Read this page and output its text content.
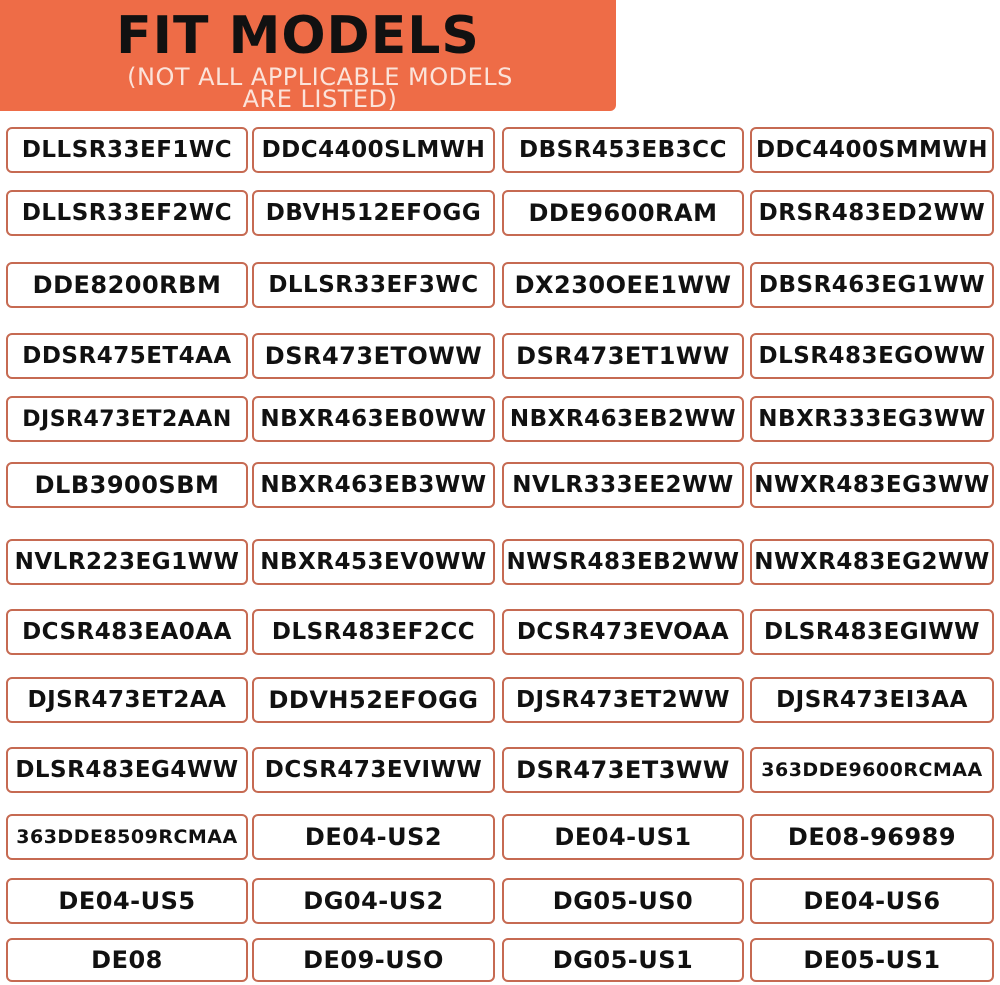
FIT MODELS
(NOT ALL APPLICABLE MODELS ARE LISTED)
DLLSR33EF1WC DDC4400SLMWH DBSR453EB3CC DDC4400SMMWH
DLLSR33EF2WC DBVH512EFOGG DDE9600RAM DRSR483ED2WW
DDE8200RBM DLLSR33EF3WC DX230OEE1WW DBSR463EG1WW
DDSR475ET4AA DSR473ETOWW DSR473ET1WW DLSR483EGOWW
DJSR473ET2AAN NBXR463EB0WW NBXR463EB2WW NBXR333EG3WW
DLB3900SBM NBXR463EB3WW NVLR333EE2WW NWXR483EG3WW
NVLR223EG1WW NBXR453EV0WW NWSR483EB2WW NWXR483EG2WW
DCSR483EA0AA DLSR483EF2CC DCSR473EVOAA DLSR483EGIWW
DJSR473ET2AA DDVH52EFOGG DJSR473ET2WW DJSR473EI3AA
DLSR483EG4WW DCSR473EVIWW DSR473ET3WW 363DDE9600RCMAA
363DDE8509RCMAA	DE04-US2	DE04-US1	DE08-96989
DE04-US5	DG04-US2	DG05-US0	DE04-US6
DE08	DE09-USO	DG05-US1	DE05-US1
